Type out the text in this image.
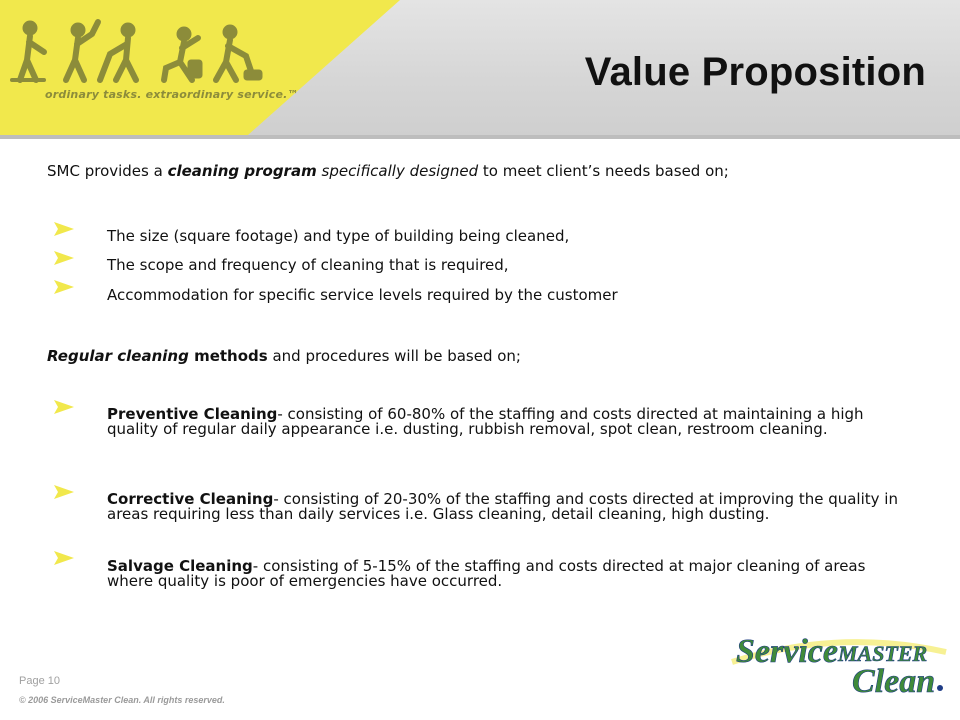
ordinary tasks. extraordinary service.™
Value Proposition
SMC provides a cleaning program specifically designed to meet client’s needs based on;
The size (square footage) and type of building being cleaned,
The scope and frequency of cleaning that is required,
Accommodation for specific service levels required by the customer
Regular cleaning methods and procedures will be based on;
Preventive Cleaning- consisting of 60-80% of the staffing and costs directed at maintaining a high quality of regular daily appearance i.e. dusting, rubbish removal, spot clean, restroom cleaning.
Corrective Cleaning- consisting of 20-30% of the staffing and costs directed at improving the quality in areas requiring less than daily services i.e. Glass cleaning, detail cleaning, high dusting.
Salvage Cleaning- consisting of 5-15% of the staffing and costs directed at major cleaning of areas where quality is poor of emergencies have occurred.
Page 10
© 2006 ServiceMaster Clean. All rights reserved.
ServiceMASTER
Clean
